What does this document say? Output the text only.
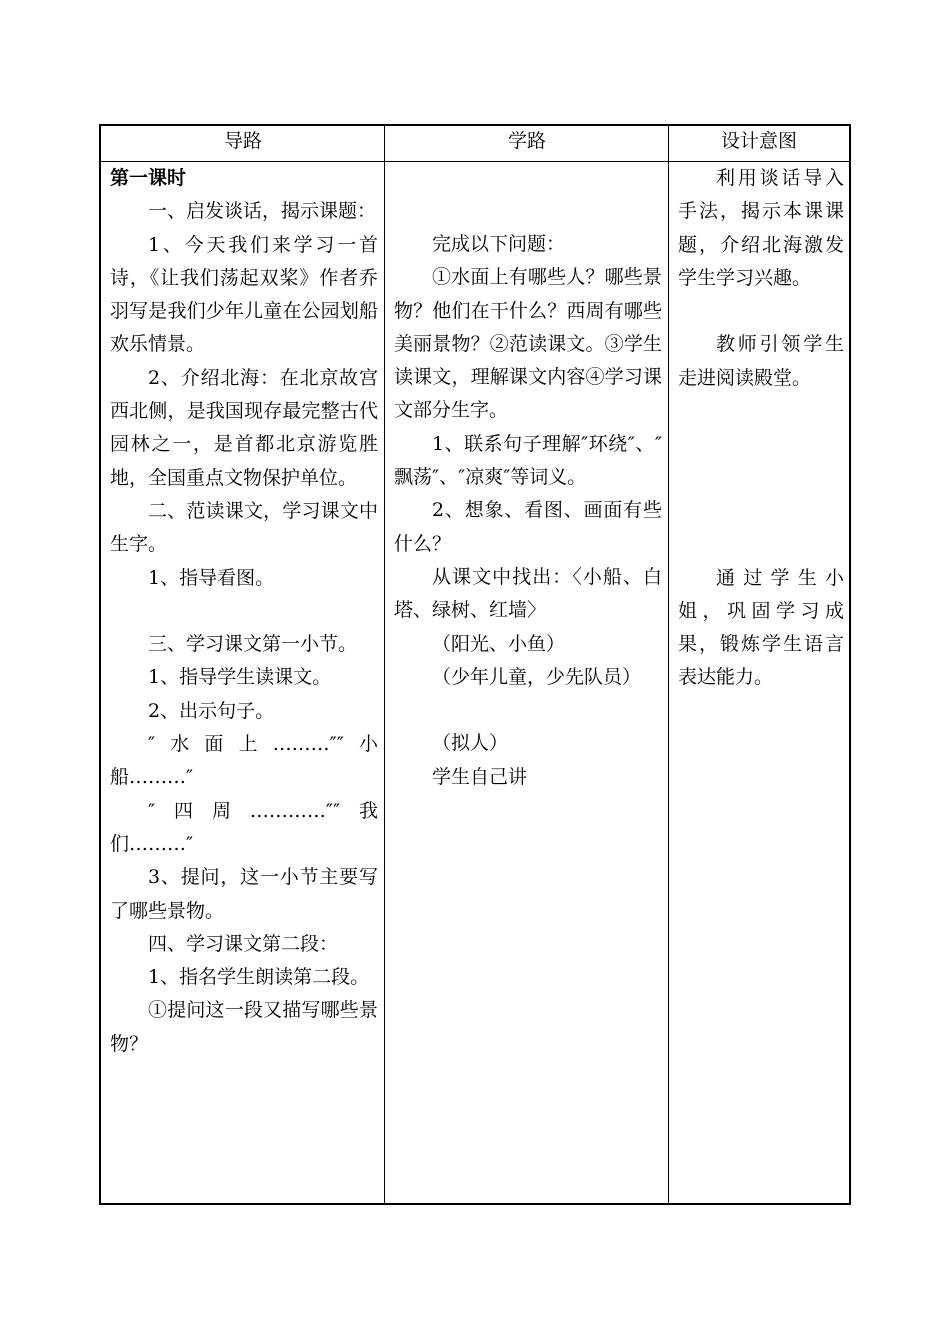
导路	学路	设计意图

第一课时

一、启发谈话，揭示课题：

1、今天我们来学习一首诗，《让我们荡起双桨》作者乔羽写是我们少年儿童在公园划船欢乐情景。

2、介绍北海：在北京故宫西北侧，是我国现存最完整古代园林之一，是首都北京游览胜地，全国重点文物保护单位。

二、范读课文，学习课文中生字。

1、指导看图。

三、学习课文第一小节。

1、指导学生读课文。

2、出示句子。

″水面上………″″小船………″

″四周…………″″我们………″

3、提问，这一小节主要写了哪些景物。

四、学习课文第二段：

1、指名学生朗读第二段。

①提问这一段又描写哪些景物？

完成以下问题：

①水面上有哪些人？哪些景物？他们在干什么？西周有哪些美丽景物？②范读课文。③学生读课文，理解课文内容④学习课文部分生字。

1、联系句子理解″环绕″、″飘荡″、″凉爽″等词义。

2、想象、看图、画面有些什么？

从课文中找出：〈小船、白塔、绿树、红墙〉

（阳光、小鱼）

（少年儿童，少先队员）

（拟人）

学生自己讲

利用谈话导入手法，揭示本课课题，介绍北海激发学生学习兴趣。

教师引领学生走进阅读殿堂。

通过学生小姐，巩固学习成果，锻炼学生语言表达能力。
